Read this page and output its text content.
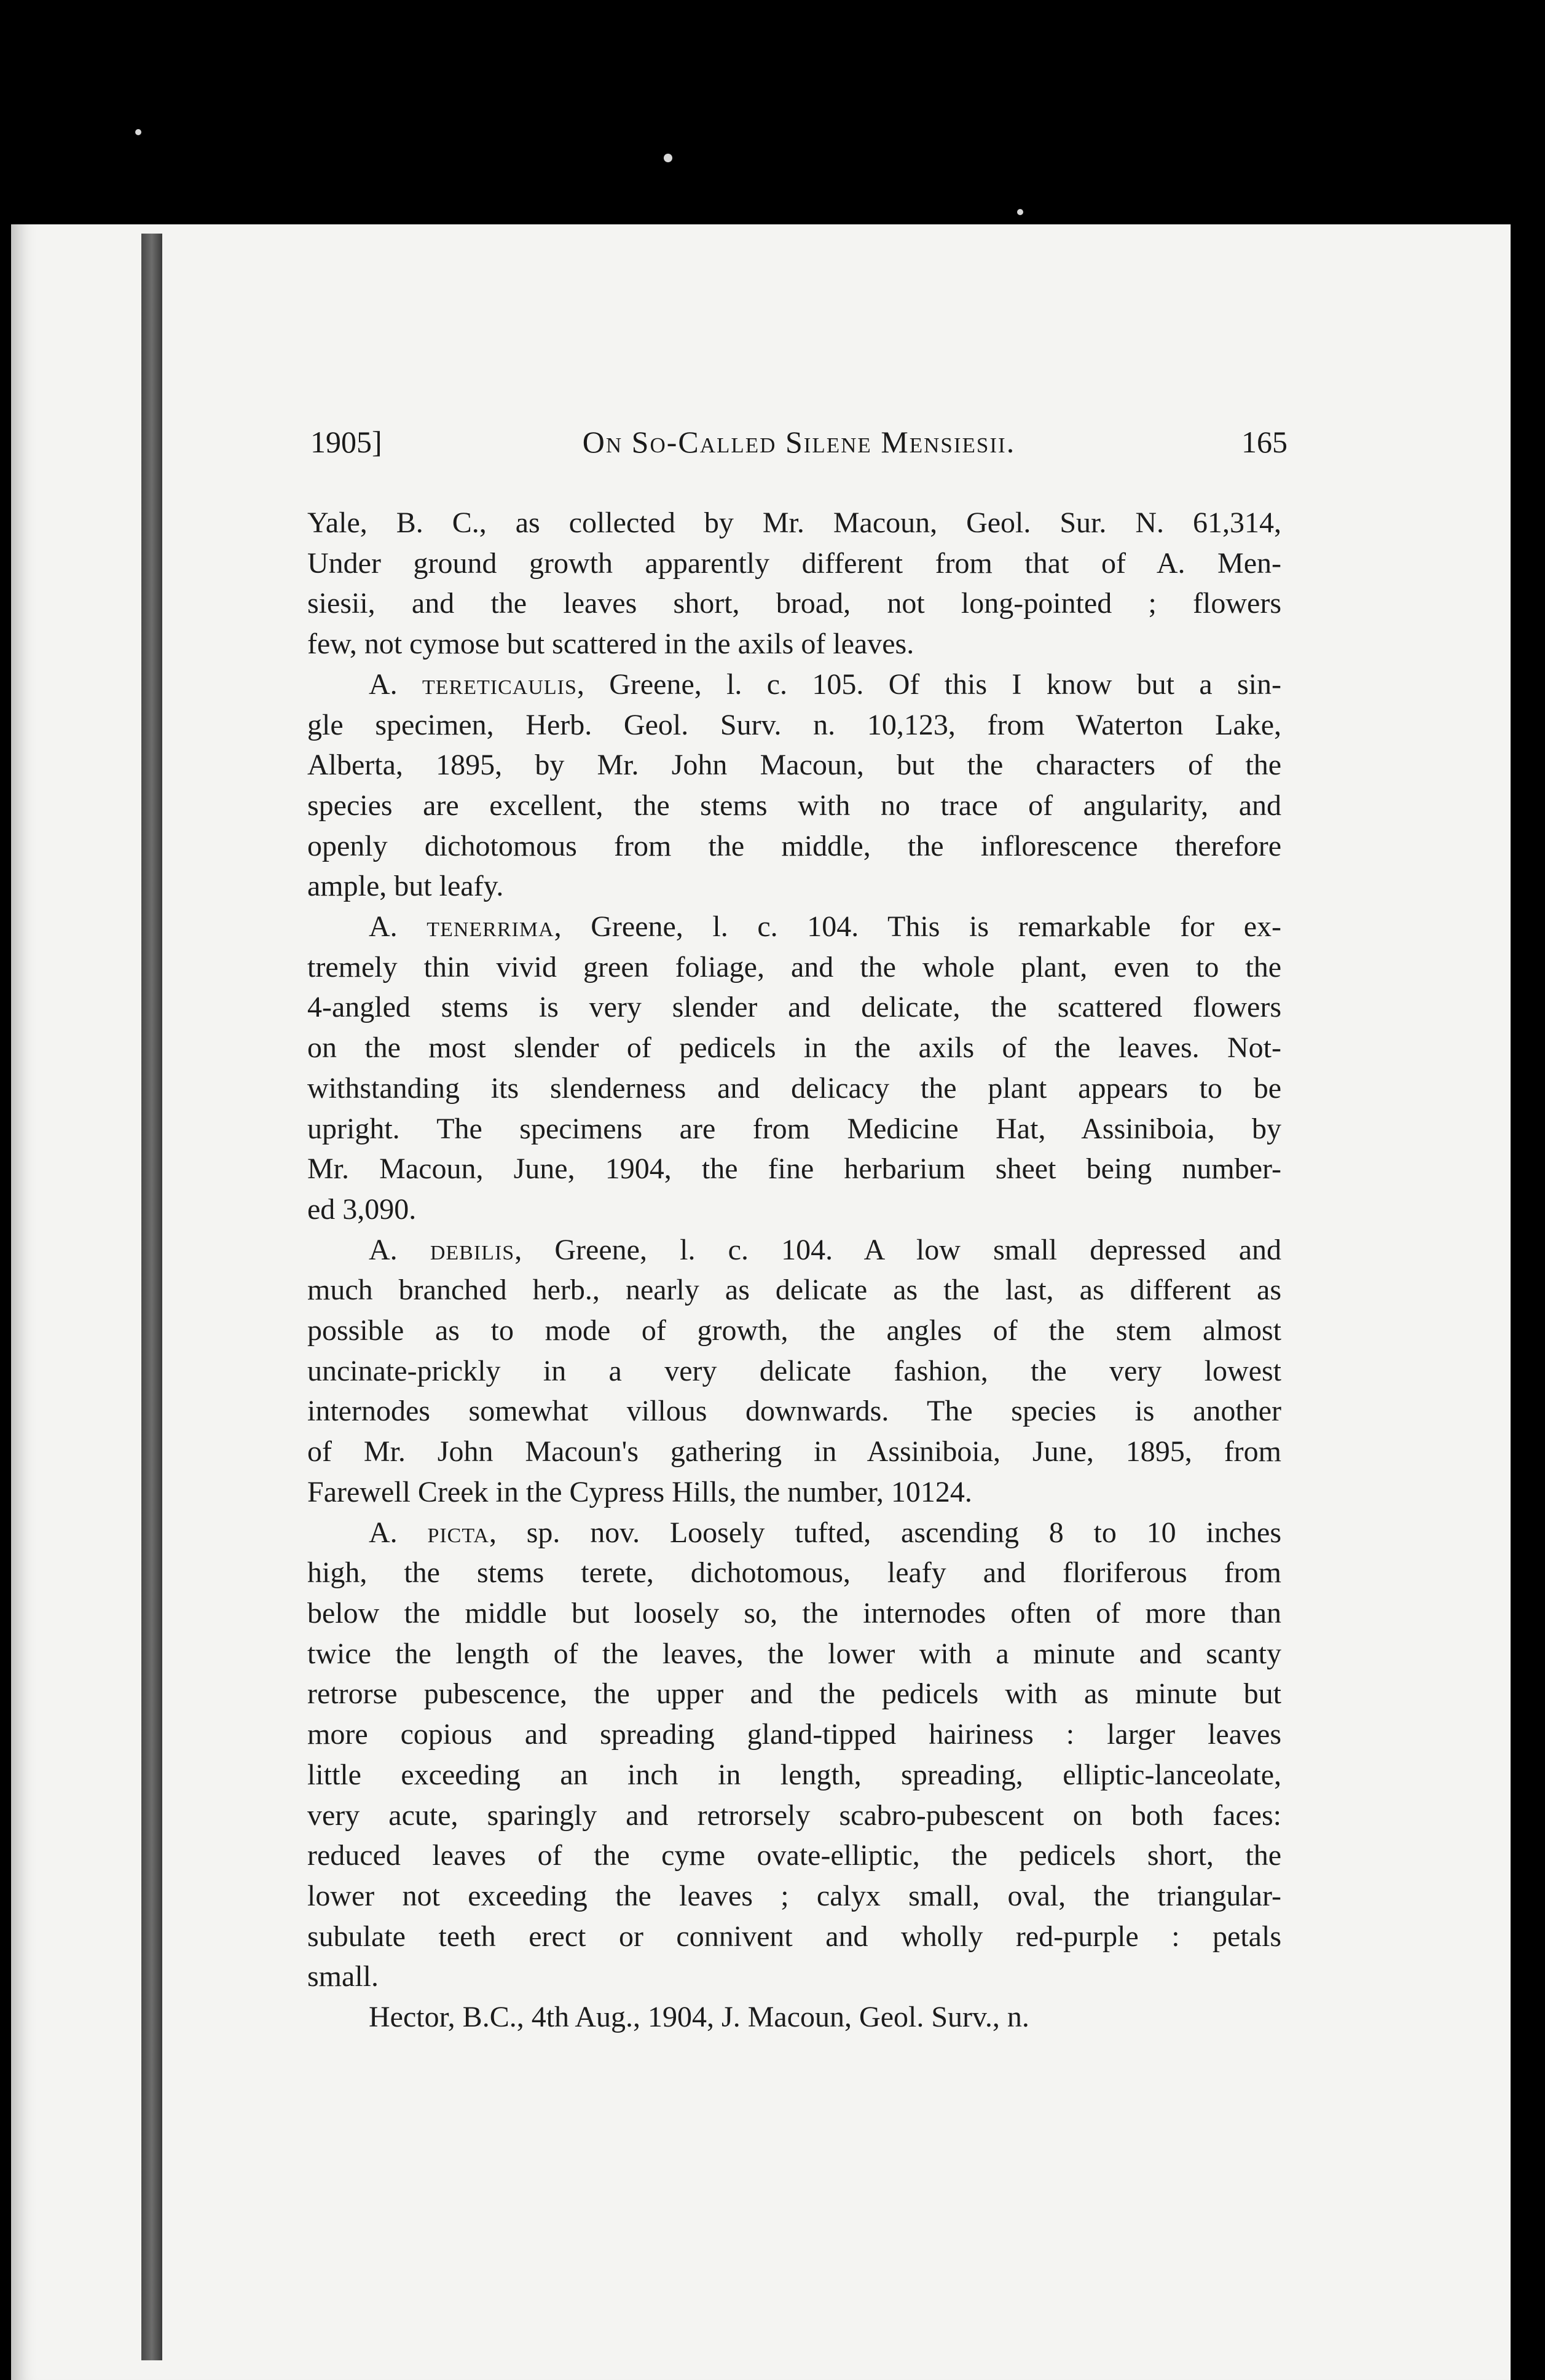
1905]	On So-Called Silene Mensiesii.	165
Yale, B. C., as collected by Mr. Macoun, Geol. Sur. N. 61,314,
Under ground growth apparently different from that of A. Men-
siesii, and the leaves short, broad, not long-pointed ; flowers
few, not cymose but scattered in the axils of leaves.
A. tereticaulis, Greene, l. c. 105. Of this I know but a sin-
gle specimen, Herb. Geol. Surv. n. 10,123, from Waterton Lake,
Alberta, 1895, by Mr. John Macoun, but the characters of the
species are excellent, the stems with no trace of angularity, and
openly dichotomous from the middle, the inflorescence therefore
ample, but leafy.
A. tenerrima, Greene, l. c. 104. This is remarkable for ex-
tremely thin vivid green foliage, and the whole plant, even to the
4-angled stems is very slender and delicate, the scattered flowers
on the most slender of pedicels in the axils of the leaves. Not-
withstanding its slenderness and delicacy the plant appears to be
upright. The specimens are from Medicine Hat, Assiniboia, by
Mr. Macoun, June, 1904, the fine herbarium sheet being number-
ed 3,090.
A. debilis, Greene, l. c. 104. A low small depressed and
much branched herb., nearly as delicate as the last, as different as
possible as to mode of growth, the angles of the stem almost
uncinate-prickly in a very delicate fashion, the very lowest
internodes somewhat villous downwards. The species is another
of Mr. John Macoun's gathering in Assiniboia, June, 1895, from
Farewell Creek in the Cypress Hills, the number, 10124.
A. picta, sp. nov. Loosely tufted, ascending 8 to 10 inches
high, the stems terete, dichotomous, leafy and floriferous from
below the middle but loosely so, the internodes often of more than
twice the length of the leaves, the lower with a minute and scanty
retrorse pubescence, the upper and the pedicels with as minute but
more copious and spreading gland-tipped hairiness : larger leaves
little exceeding an inch in length, spreading, elliptic-lanceolate,
very acute, sparingly and retrorsely scabro-pubescent on both faces:
reduced leaves of the cyme ovate-elliptic, the pedicels short, the
lower not exceeding the leaves ; calyx small, oval, the triangular-
subulate teeth erect or connivent and wholly red-purple : petals
small.
Hector, B.C., 4th Aug., 1904, J. Macoun, Geol. Surv., n.
